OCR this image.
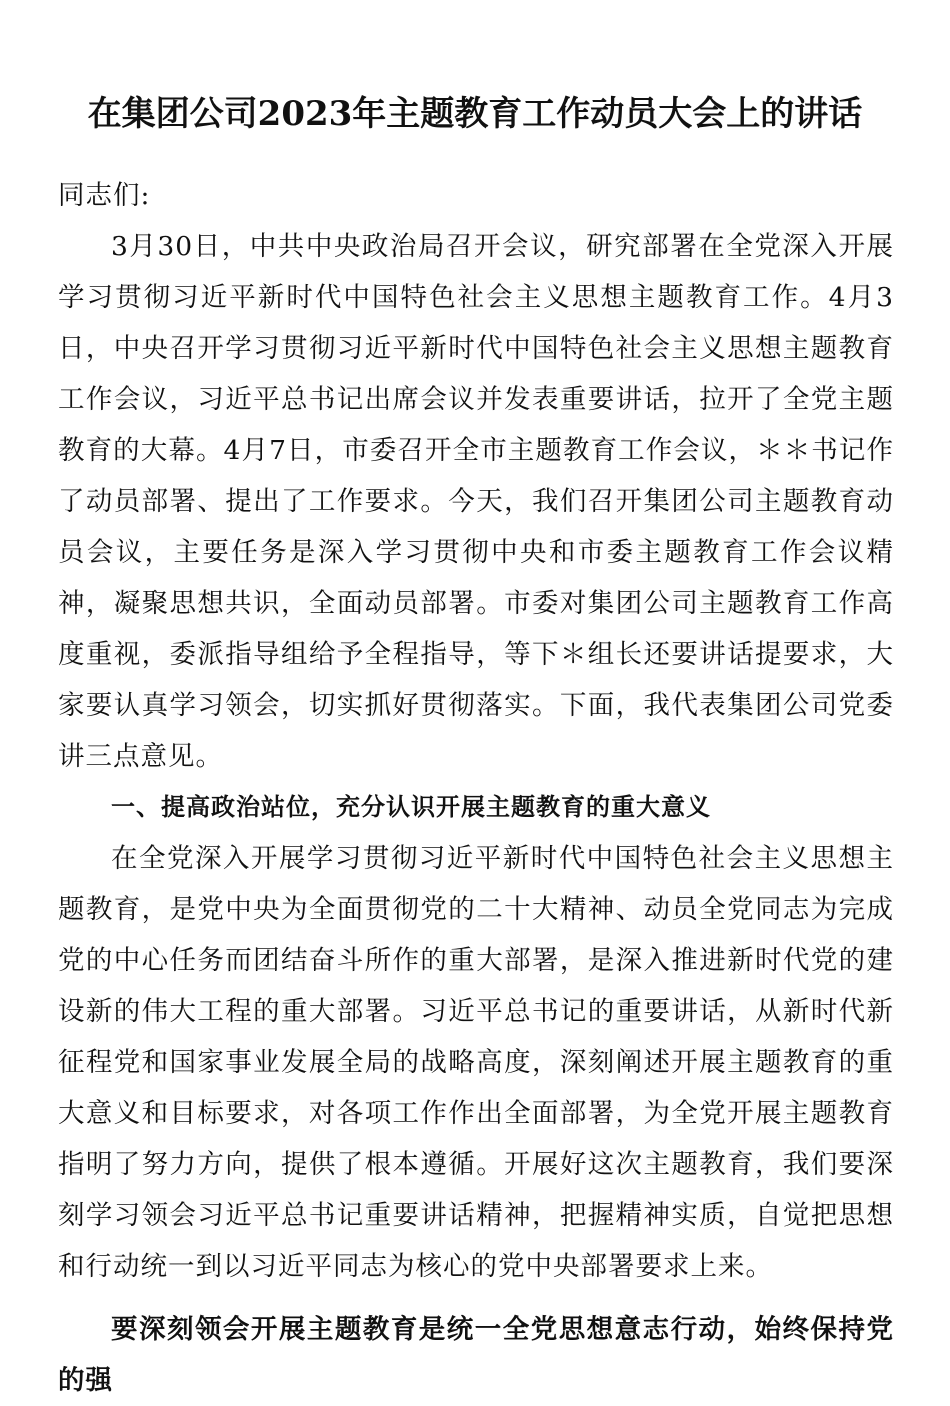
在集团公司2023年主题教育工作动员大会上的讲话

同志们:

3月30日，中共中央政治局召开会议，研究部署在全党深入开展学习贯彻习近平新时代中国特色社会主义思想主题教育工作。4月3日，中央召开学习贯彻习近平新时代中国特色社会主义思想主题教育工作会议，习近平总书记出席会议并发表重要讲话，拉开了全党主题教育的大幕。4月7日，市委召开全市主题教育工作会议，＊＊书记作了动员部署、提出了工作要求。今天，我们召开集团公司主题教育动员会议，主要任务是深入学习贯彻中央和市委主题教育工作会议精神，凝聚思想共识，全面动员部署。市委对集团公司主题教育工作高度重视，委派指导组给予全程指导，等下＊组长还要讲话提要求，大家要认真学习领会，切实抓好贯彻落实。下面，我代表集团公司党委讲三点意见。

一、提高政治站位，充分认识开展主题教育的重大意义

在全党深入开展学习贯彻习近平新时代中国特色社会主义思想主题教育，是党中央为全面贯彻党的二十大精神、动员全党同志为完成党的中心任务而团结奋斗所作的重大部署，是深入推进新时代党的建设新的伟大工程的重大部署。习近平总书记的重要讲话，从新时代新征程党和国家事业发展全局的战略高度，深刻阐述开展主题教育的重大意义和目标要求，对各项工作作出全面部署，为全党开展主题教育指明了努力方向，提供了根本遵循。开展好这次主题教育，我们要深刻学习领会习近平总书记重要讲话精神，把握精神实质，自觉把思想和行动统一到以习近平同志为核心的党中央部署要求上来。

要深刻领会开展主题教育是统一全党思想意志行动，始终保持党的强
